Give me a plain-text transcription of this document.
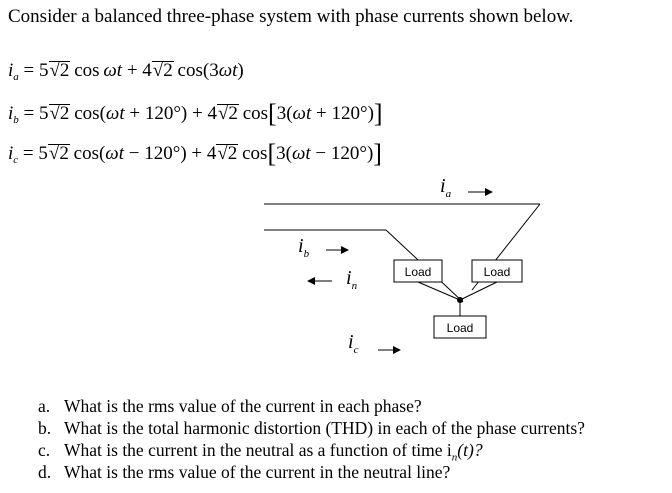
Consider a balanced three-phase system with phase currents shown below.
$i_a = 5√2$ cos ωt + 4√2 cos(3ωt)
$i_b = 5√2$ cos(ωt + 120°) + 4√2 cos[3(ωt + 120°)]
$i_c = 5√2$ cos(ωt − 120°) + 4√2 cos[3(ωt − 120°)]
$i_a$
$i_b$
$i_n$
Load	Load
Load
$i_c$
a. What is the rms value of the current in each phase?
b. What is the total harmonic distortion (THD) in each of the phase currents?
c. What is the current in the neutral as a function of time $i_n(t)$?
d. What is the rms value of the current in the neutral line?
